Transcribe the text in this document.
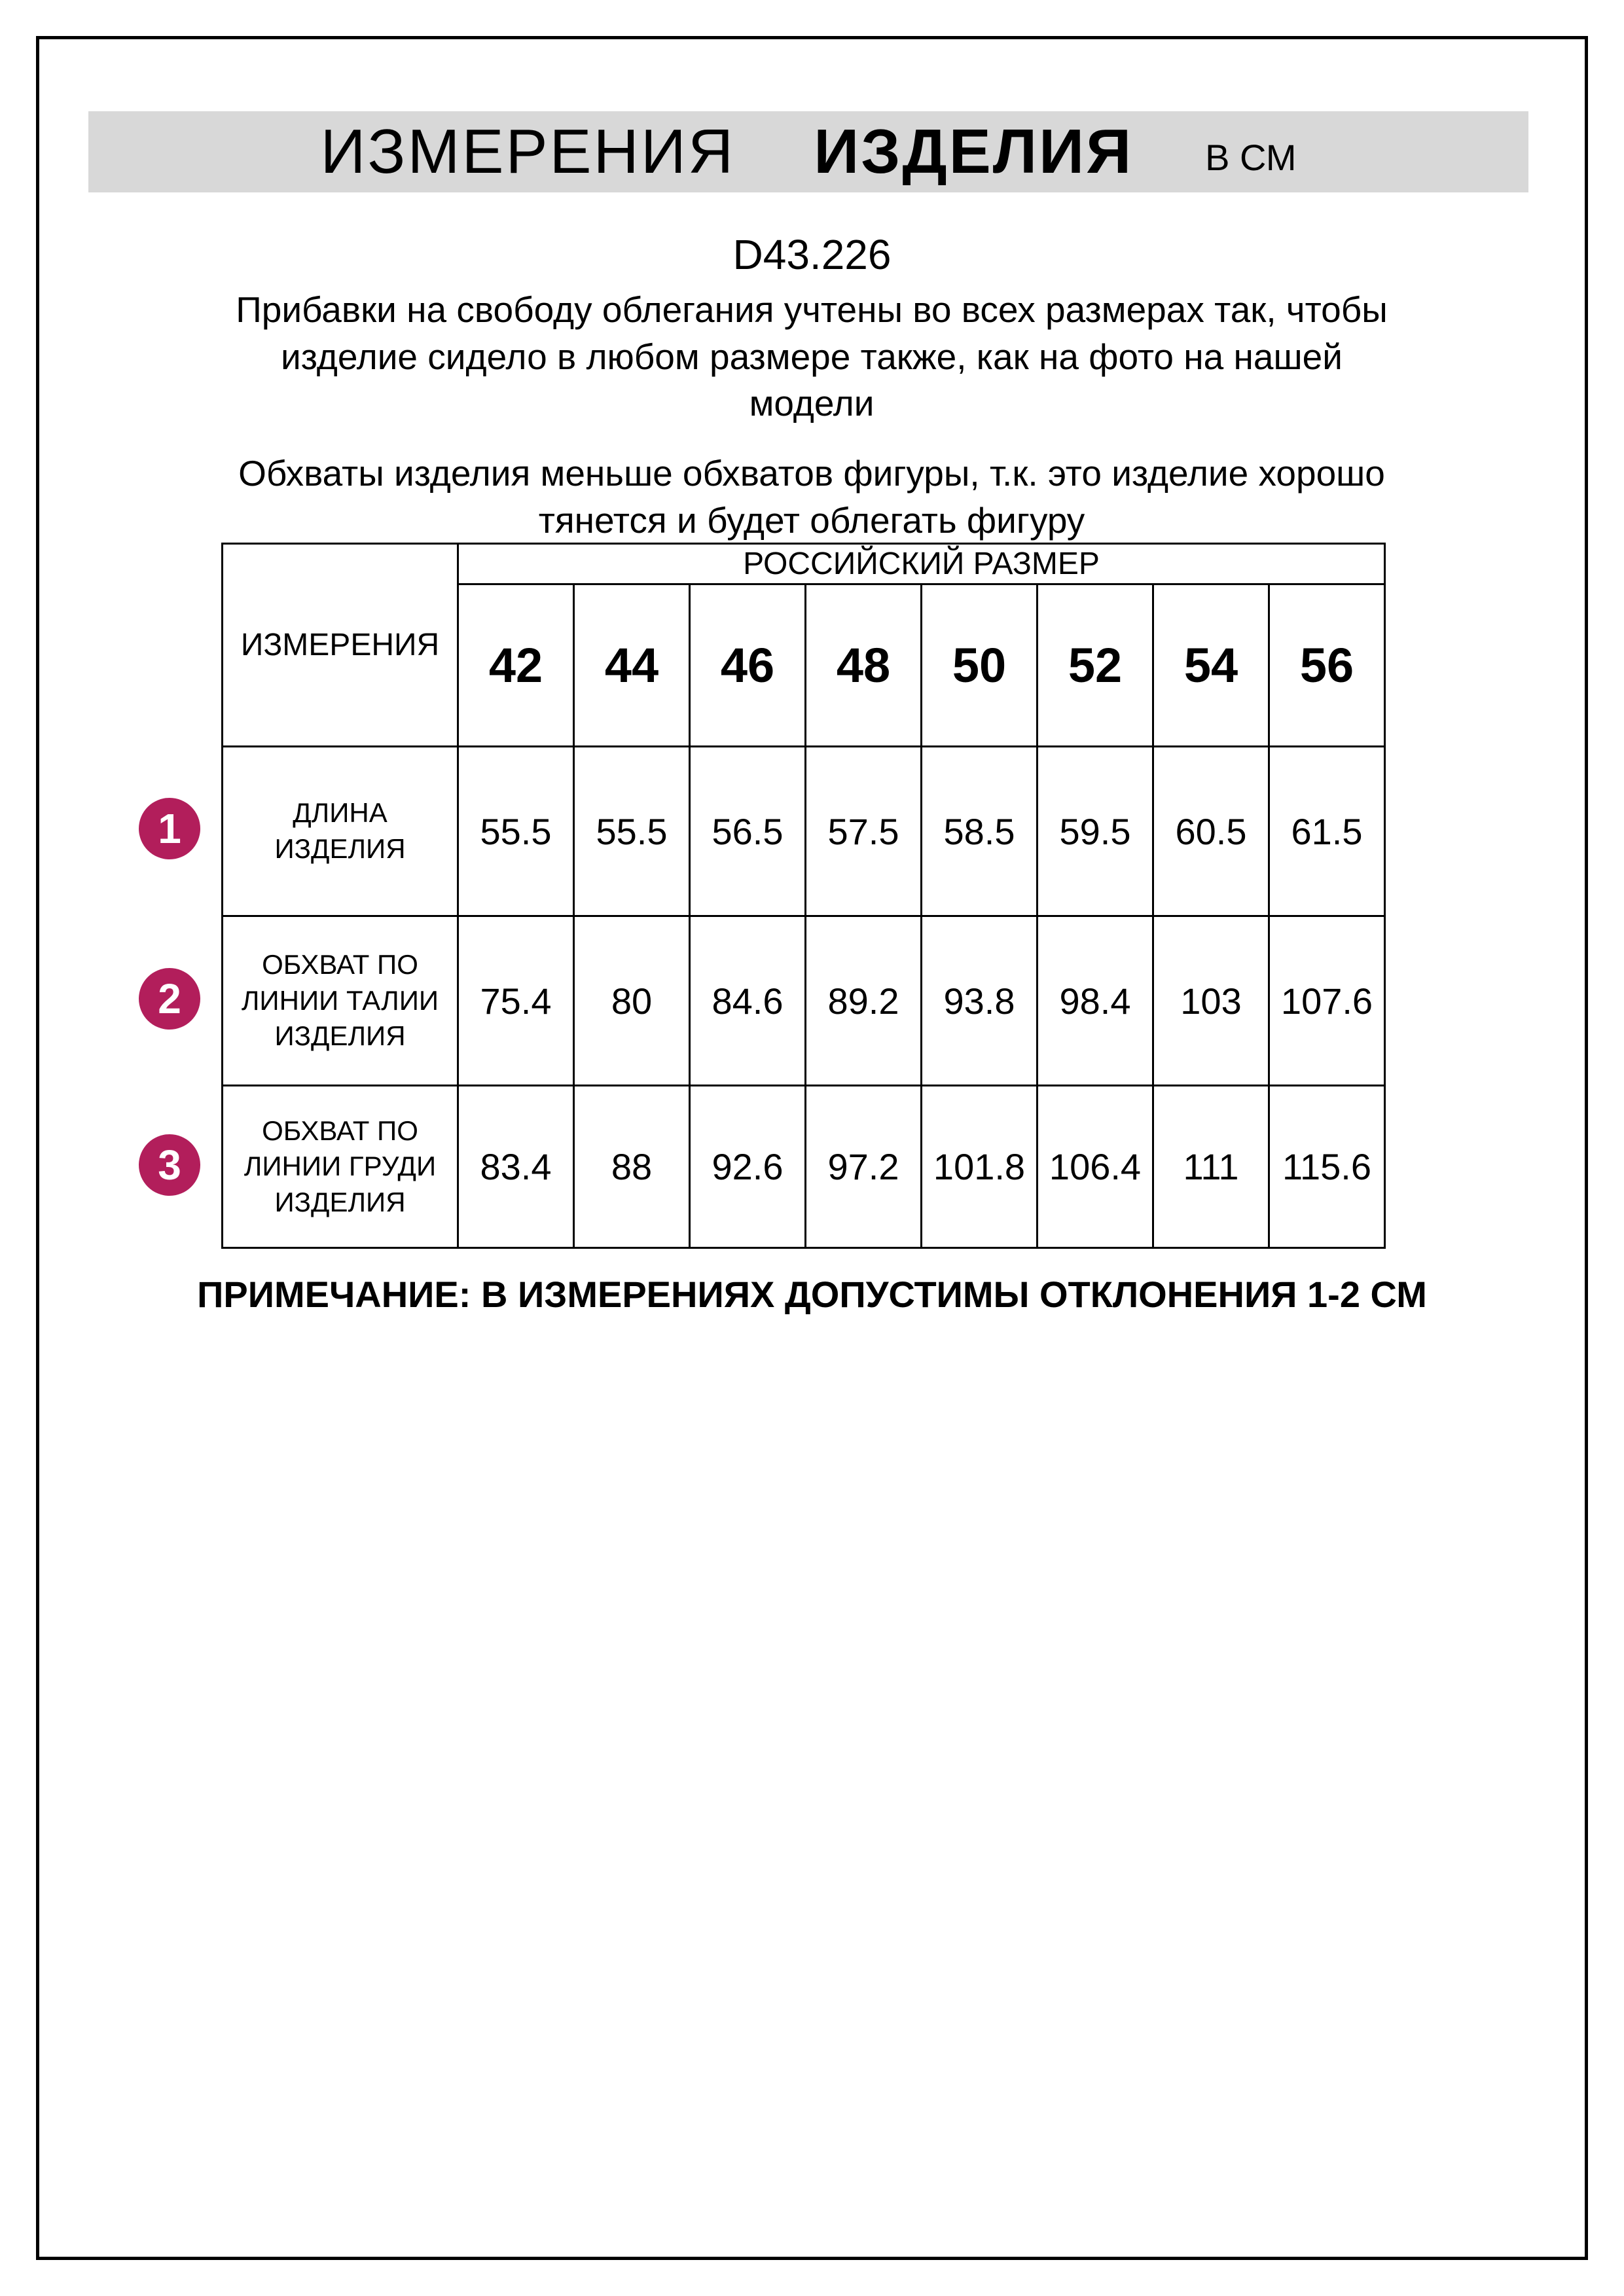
ИЗМЕРЕНИЯ ИЗДЕЛИЯ В СМ
D43.226

Прибавки на свободу облегания учтены во всех размерах так, чтобы изделие сидело в любом размере также, как на фото на нашей модели

Обхваты изделия меньше обхватов фигуры, т.к. это изделие хорошо тянется и будет облегать фигуру

ИЗМЕРЕНИЯ	РОССИЙСКИЙ РАЗМЕР							
	42	44	46	48	50	52	54	56
ДЛИНА ИЗДЕЛИЯ	55.5	55.5	56.5	57.5	58.5	59.5	60.5	61.5
ОБХВАТ ПО ЛИНИИ ТАЛИИ ИЗДЕЛИЯ	75.4	80	84.6	89.2	93.8	98.4	103	107.6
ОБХВАТ ПО ЛИНИИ ГРУДИ ИЗДЕЛИЯ	83.4	88	92.6	97.2	101.8	106.4	111	115.6
1
2
3
ПРИМЕЧАНИЕ: В ИЗМЕРЕНИЯХ ДОПУСТИМЫ ОТКЛОНЕНИЯ 1-2 СМ
